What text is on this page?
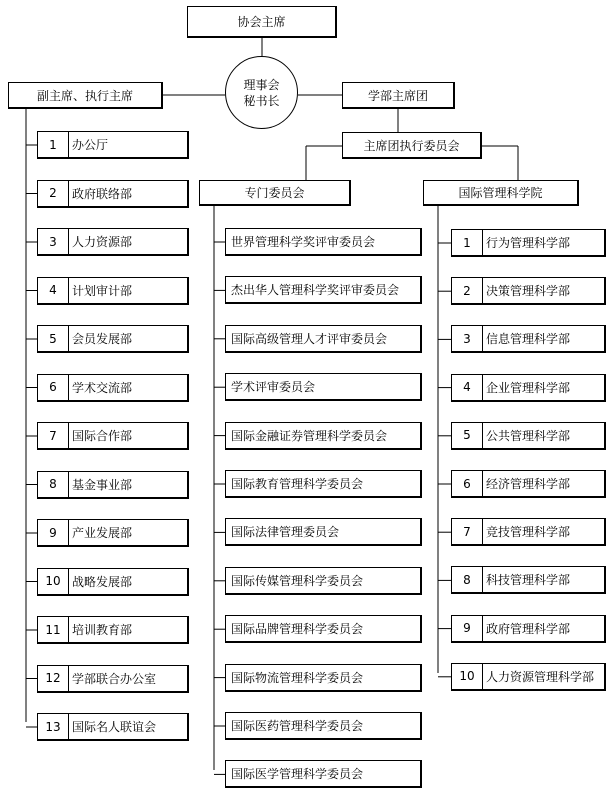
协会主席
理事会
秘书长
副主席、执行主席	学部主席团
主席团执行委员会
专门委员会	国际管理科学院
1	办公厅
2	政府联络部
3	人力资源部
4	计划审计部
5	会员发展部
6	学术交流部
7	国际合作部
8	基金事业部
9	产业发展部
10 战略发展部
11 培训教育部
12 学部联合办公室
13 国际名人联谊会
世界管理科学奖评审委员会
杰出华人管理科学奖评审委员会
国际高级管理人才评审委员会
学术评审委员会
国际金融证券管理科学委员会
国际教育管理科学委员会
国际法律管理委员会
国际传媒管理科学委员会
国际品牌管理科学委员会
国际物流管理科学委员会
国际医药管理科学委员会
国际医学管理科学委员会
1	行为管理科学部
2	决策管理科学部
3	信息管理科学部
4	企业管理科学部
5	公共管理科学部
6	经济管理科学部
7	竞技管理科学部
8	科技管理科学部
9	政府管理科学部
10 人力资源管理科学部
